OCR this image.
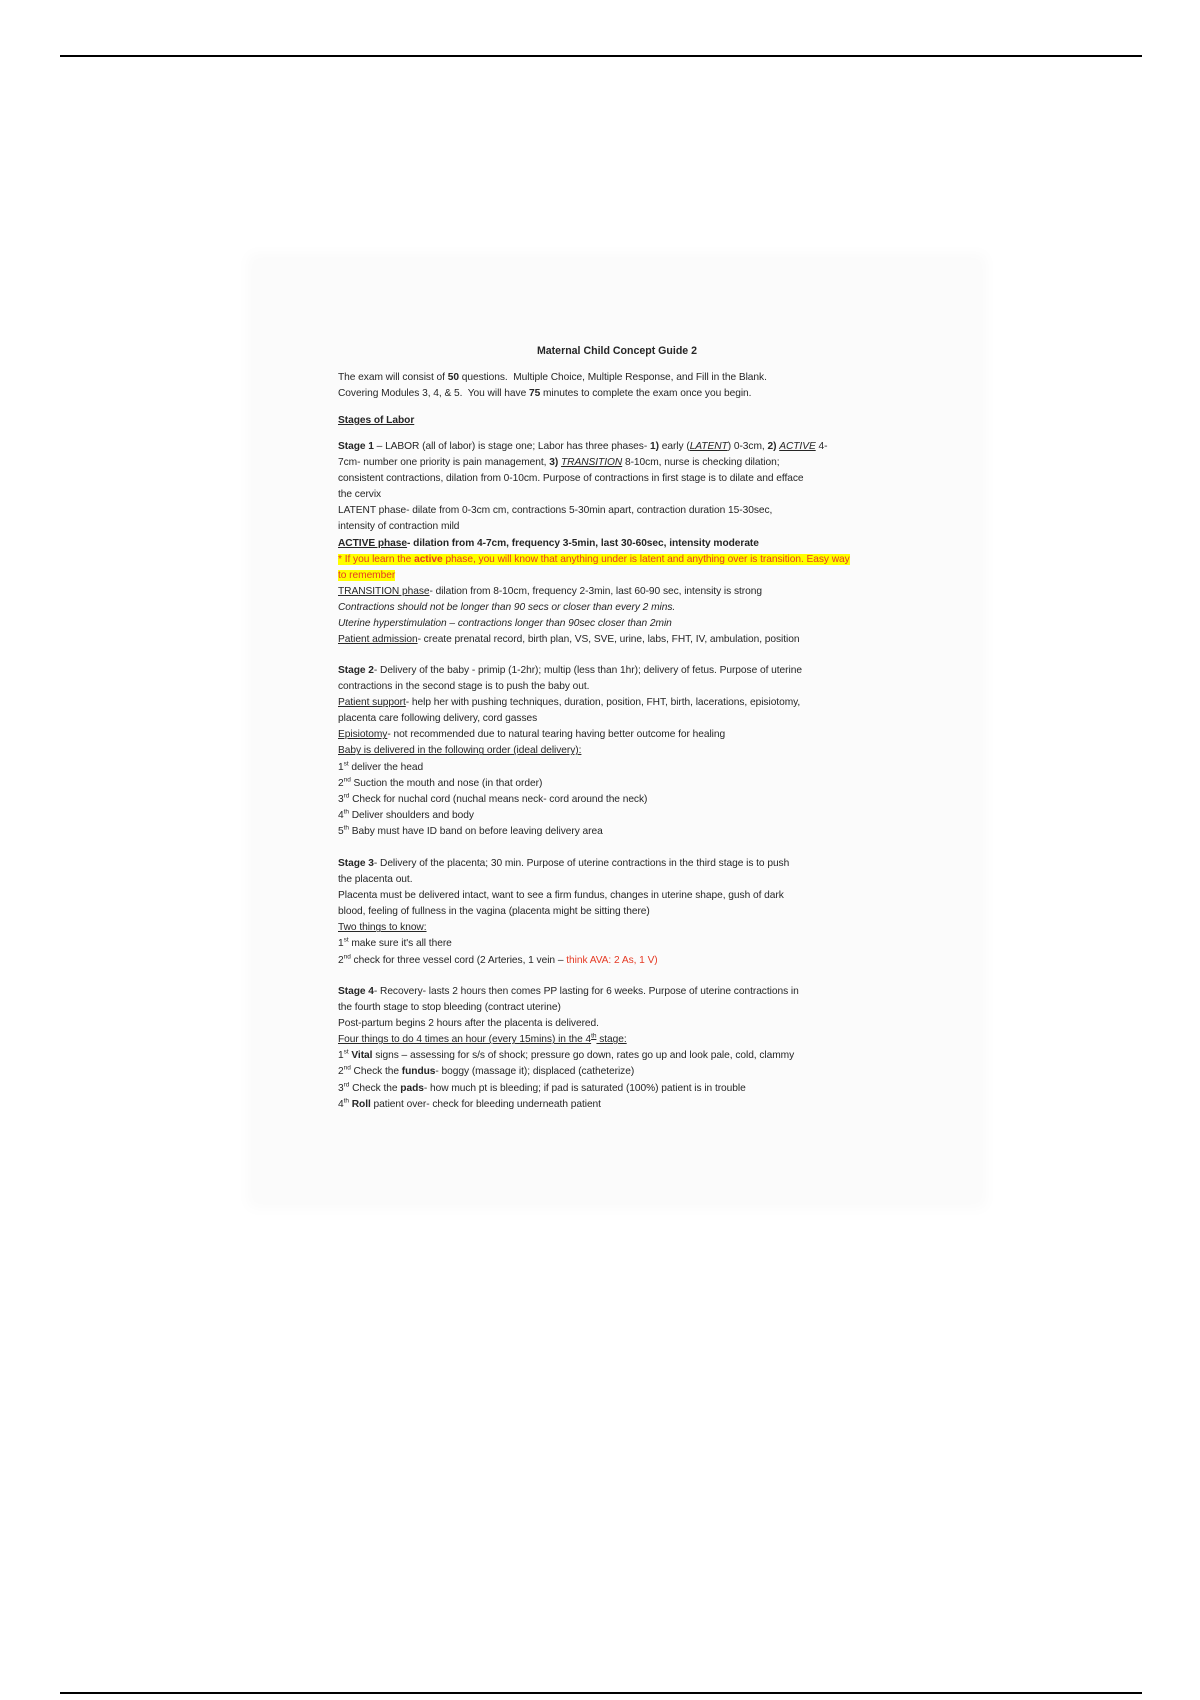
Maternal Child Concept Guide 2
The exam will consist of 50 questions.  Multiple Choice, Multiple Response, and Fill in the Blank.
Covering Modules 3, 4, & 5.  You will have 75 minutes to complete the exam once you begin.
Stages of Labor
Stage 1 – LABOR (all of labor) is stage one; Labor has three phases- 1) early (LATENT) 0-3cm, 2) ACTIVE 4-
7cm- number one priority is pain management, 3) TRANSITION 8-10cm, nurse is checking dilation;
consistent contractions, dilation from 0-10cm. Purpose of contractions in first stage is to dilate and efface
the cervix
LATENT phase- dilate from 0-3cm cm, contractions 5-30min apart, contraction duration 15-30sec,
intensity of contraction mild
ACTIVE phase- dilation from 4-7cm, frequency 3-5min, last 30-60sec, intensity moderate
* If you learn the active phase, you will know that anything under is latent and anything over is transition. Easy way
to remember
TRANSITION phase- dilation from 8-10cm, frequency 2-3min, last 60-90 sec, intensity is strong
Contractions should not be longer than 90 secs or closer than every 2 mins.
Uterine hyperstimulation – contractions longer than 90sec closer than 2min
Patient admission- create prenatal record, birth plan, VS, SVE, urine, labs, FHT, IV, ambulation, position
Stage 2- Delivery of the baby - primip (1-2hr); multip (less than 1hr); delivery of fetus. Purpose of uterine
contractions in the second stage is to push the baby out.
Patient support- help her with pushing techniques, duration, position, FHT, birth, lacerations, episiotomy,
placenta care following delivery, cord gasses
Episiotomy- not recommended due to natural tearing having better outcome for healing
Baby is delivered in the following order (ideal delivery):
1st deliver the head
2nd Suction the mouth and nose (in that order)
3rd Check for nuchal cord (nuchal means neck- cord around the neck)
4th Deliver shoulders and body
5th Baby must have ID band on before leaving delivery area
Stage 3- Delivery of the placenta; 30 min. Purpose of uterine contractions in the third stage is to push
the placenta out.
Placenta must be delivered intact, want to see a firm fundus, changes in uterine shape, gush of dark
blood, feeling of fullness in the vagina (placenta might be sitting there)
Two things to know:
1st make sure it's all there
2nd check for three vessel cord (2 Arteries, 1 vein – think AVA: 2 As, 1 V)
Stage 4- Recovery- lasts 2 hours then comes PP lasting for 6 weeks. Purpose of uterine contractions in
the fourth stage to stop bleeding (contract uterine)
Post-partum begins 2 hours after the placenta is delivered.
Four things to do 4 times an hour (every 15mins) in the 4th stage:
1st Vital signs – assessing for s/s of shock; pressure go down, rates go up and look pale, cold, clammy
2nd Check the fundus- boggy (massage it); displaced (catheterize)
3rd Check the pads- how much pt is bleeding; if pad is saturated (100%) patient is in trouble
4th Roll patient over- check for bleeding underneath patient
